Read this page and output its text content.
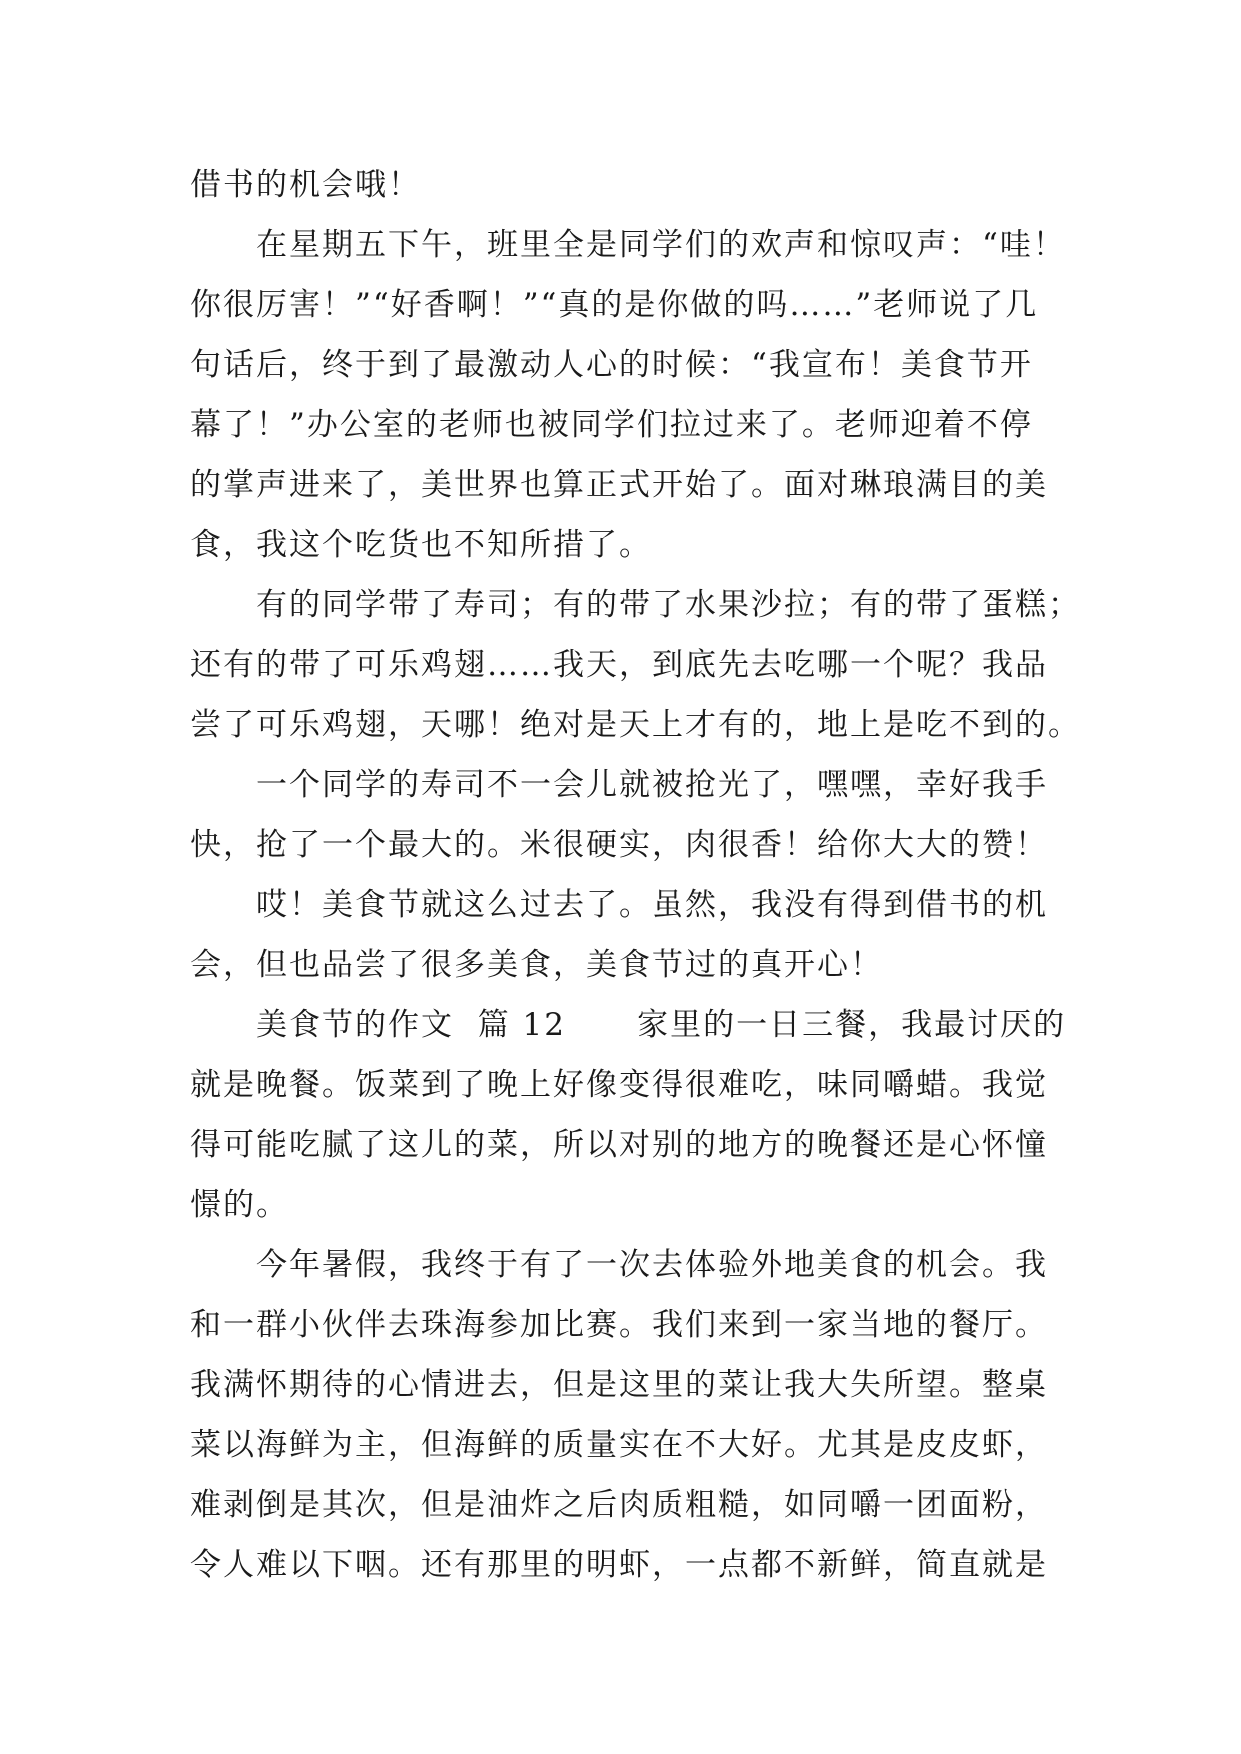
借书的机会哦！
在星期五下午，班里全是同学们的欢声和惊叹声：“哇！
你很厉害！”“好香啊！”“真的是你做的吗……”老师说了几
句话后，终于到了最激动人心的时候：“我宣布！美食节开
幕了！”办公室的老师也被同学们拉过来了。老师迎着不停
的掌声进来了，美世界也算正式开始了。面对琳琅满目的美
食，我这个吃货也不知所措了。
有的同学带了寿司；有的带了水果沙拉；有的带了蛋糕；
还有的带了可乐鸡翅……我天，到底先去吃哪一个呢？我品
尝了可乐鸡翅，天哪！绝对是天上才有的，地上是吃不到的。
一个同学的寿司不一会儿就被抢光了，嘿嘿，幸好我手
快，抢了一个最大的。米很硬实，肉很香！给你大大的赞！
哎！美食节就这么过去了。虽然，我没有得到借书的机
会，但也品尝了很多美食，美食节过的真开心！
美食节的作文  篇 12      家里的一日三餐，我最讨厌的
就是晚餐。饭菜到了晚上好像变得很难吃，味同嚼蜡。我觉
得可能吃腻了这儿的菜，所以对别的地方的晚餐还是心怀憧
憬的。
今年暑假，我终于有了一次去体验外地美食的机会。我
和一群小伙伴去珠海参加比赛。我们来到一家当地的餐厅。
我满怀期待的心情进去，但是这里的菜让我大失所望。整桌
菜以海鲜为主，但海鲜的质量实在不大好。尤其是皮皮虾，
难剥倒是其次，但是油炸之后肉质粗糙，如同嚼一团面粉，
令人难以下咽。还有那里的明虾，一点都不新鲜，简直就是
